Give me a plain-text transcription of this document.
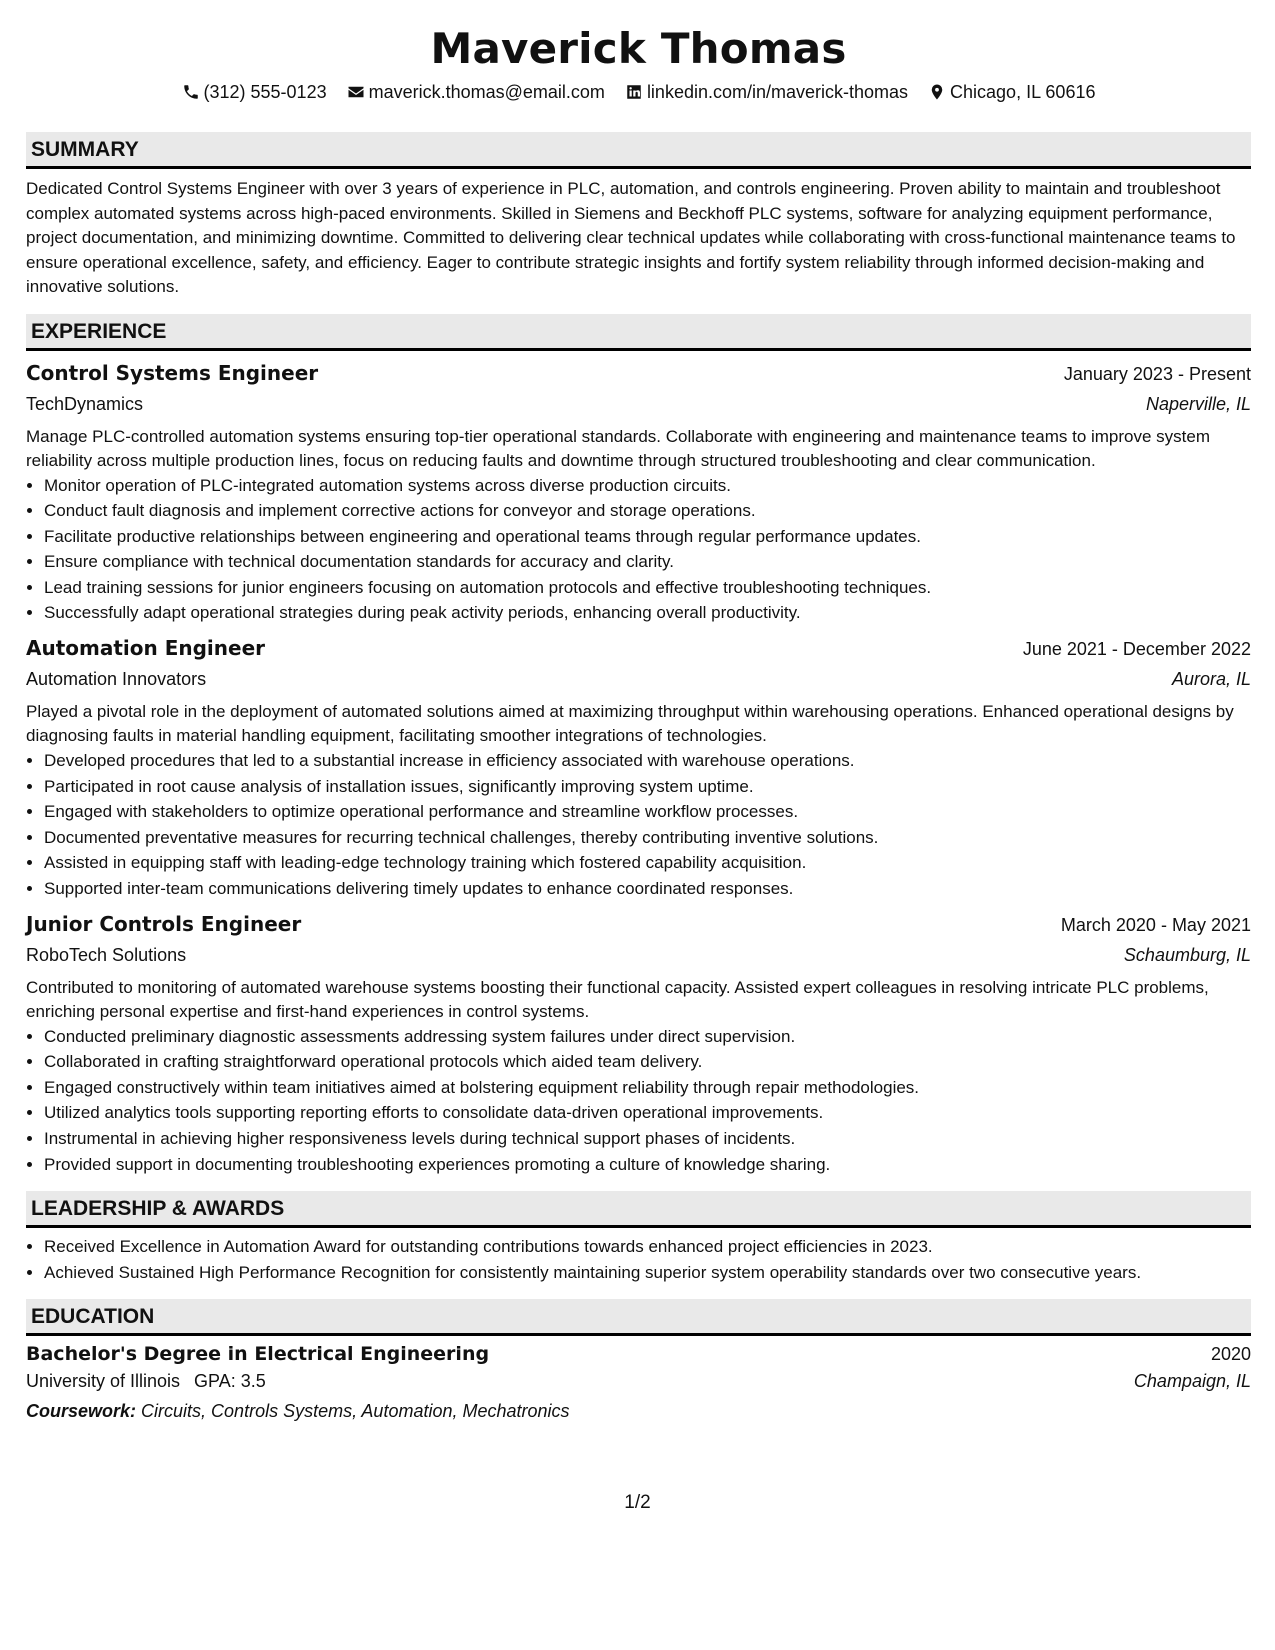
Maverick Thomas
(312) 555-0123 maverick.thomas@email.com linkedin.com/in/maverick-thomas Chicago, IL 60616
SUMMARY

Dedicated Control Systems Engineer with over 3 years of experience in PLC, automation, and controls engineering. Proven ability to maintain and troubleshoot complex automated systems across high-paced environments. Skilled in Siemens and Beckhoff PLC systems, software for analyzing equipment performance, project documentation, and minimizing downtime. Committed to delivering clear technical updates while collaborating with cross-functional maintenance teams to ensure operational excellence, safety, and efficiency. Eager to contribute strategic insights and fortify system reliability through informed decision-making and innovative solutions.

EXPERIENCE
Control Systems Engineer	January 2023 - Present
TechDynamics	Naperville, IL
Manage PLC-controlled automation systems ensuring top-tier operational standards. Collaborate with engineering and maintenance teams to improve system reliability across multiple production lines, focus on reducing faults and downtime through structured troubleshooting and clear communication.
• Monitor operation of PLC-integrated automation systems across diverse production circuits.
• Conduct fault diagnosis and implement corrective actions for conveyor and storage operations.
• Facilitate productive relationships between engineering and operational teams through regular performance updates.
• Ensure compliance with technical documentation standards for accuracy and clarity.
• Lead training sessions for junior engineers focusing on automation protocols and effective troubleshooting techniques.
• Successfully adapt operational strategies during peak activity periods, enhancing overall productivity.
Automation Engineer	June 2021 - December 2022
Automation Innovators	Aurora, IL
Played a pivotal role in the deployment of automated solutions aimed at maximizing throughput within warehousing operations. Enhanced operational designs by diagnosing faults in material handling equipment, facilitating smoother integrations of technologies.
• Developed procedures that led to a substantial increase in efficiency associated with warehouse operations.
• Participated in root cause analysis of installation issues, significantly improving system uptime.
• Engaged with stakeholders to optimize operational performance and streamline workflow processes.
• Documented preventative measures for recurring technical challenges, thereby contributing inventive solutions.
• Assisted in equipping staff with leading-edge technology training which fostered capability acquisition.
• Supported inter-team communications delivering timely updates to enhance coordinated responses.
Junior Controls Engineer	March 2020 - May 2021
RoboTech Solutions	Schaumburg, IL
Contributed to monitoring of automated warehouse systems boosting their functional capacity. Assisted expert colleagues in resolving intricate PLC problems, enriching personal expertise and first-hand experiences in control systems.
• Conducted preliminary diagnostic assessments addressing system failures under direct supervision.
• Collaborated in crafting straightforward operational protocols which aided team delivery.
• Engaged constructively within team initiatives aimed at bolstering equipment reliability through repair methodologies.
• Utilized analytics tools supporting reporting efforts to consolidate data-driven operational improvements.
• Instrumental in achieving higher responsiveness levels during technical support phases of incidents.
• Provided support in documenting troubleshooting experiences promoting a culture of knowledge sharing.
LEADERSHIP & AWARDS
• Received Excellence in Automation Award for outstanding contributions towards enhanced project efficiencies in 2023.
• Achieved Sustained High Performance Recognition for consistently maintaining superior system operability standards over two consecutive years.
EDUCATION
Bachelor's Degree in Electrical Engineering	2020
University of Illinois GPA: 3.5	Champaign, IL
Coursework: Circuits, Controls Systems, Automation, Mechatronics
1/2
